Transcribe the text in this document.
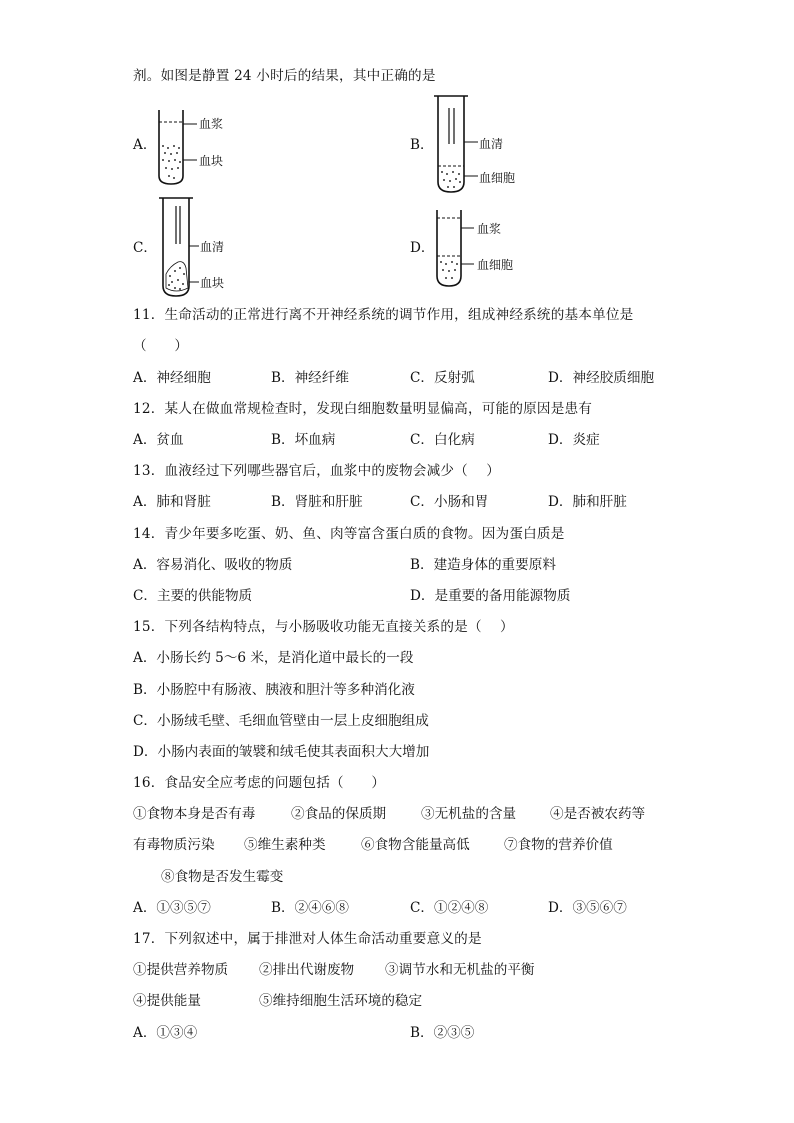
剂。如图是静置 24 小时后的结果，其中正确的是
A．
血浆
血块
B．	血清
血细胞
C．	血清
血块
D．
血浆
血细胞
11．生命活动的正常进行离不开神经系统的调节作用，组成神经系统的基本单位是
（　　）
A．神经细胞	B．神经纤维	C．反射弧	D．神经胶质细胞
12．某人在做血常规检查时，发现白细胞数量明显偏高，可能的原因是患有
A．贫血	B．坏血病	C．白化病	D．炎症
13．血液经过下列哪些器官后，血浆中的废物会减少（　 ）
A．肺和肾脏	B．肾脏和肝脏	C．小肠和胃	D．肺和肝脏
14．青少年要多吃蛋、奶、鱼、肉等富含蛋白质的食物。因为蛋白质是
A．容易消化、吸收的物质	B．建造身体的重要原料
C．主要的供能物质	D．是重要的备用能源物质
15．下列各结构特点，与小肠吸收功能无直接关系的是（　 ）
A．小肠长约 5～6 米，是消化道中最长的一段
B．小肠腔中有肠液、胰液和胆汁等多种消化液
C．小肠绒毛壁、毛细血管壁由一层上皮细胞组成
D．小肠内表面的皱襞和绒毛使其表面积大大增加
16．食品安全应考虑的问题包括（　　）
①食物本身是否有毒	②食品的保质期	③无机盐的含量 ④是否被农药等
有毒物质污染 ⑤维生素种类	⑥食物含能量高低	⑦食物的营养价值
⑧食物是否发生霉变
A．①③⑤⑦	B．②④⑥⑧	C．①②④⑧	D．③⑤⑥⑦
17．下列叙述中，属于排泄对人体生命活动重要意义的是
①提供营养物质 ②排出代谢废物 ③调节水和无机盐的平衡
④提供能量	⑤维持细胞生活环境的稳定
A．①③④	B．②③⑤
